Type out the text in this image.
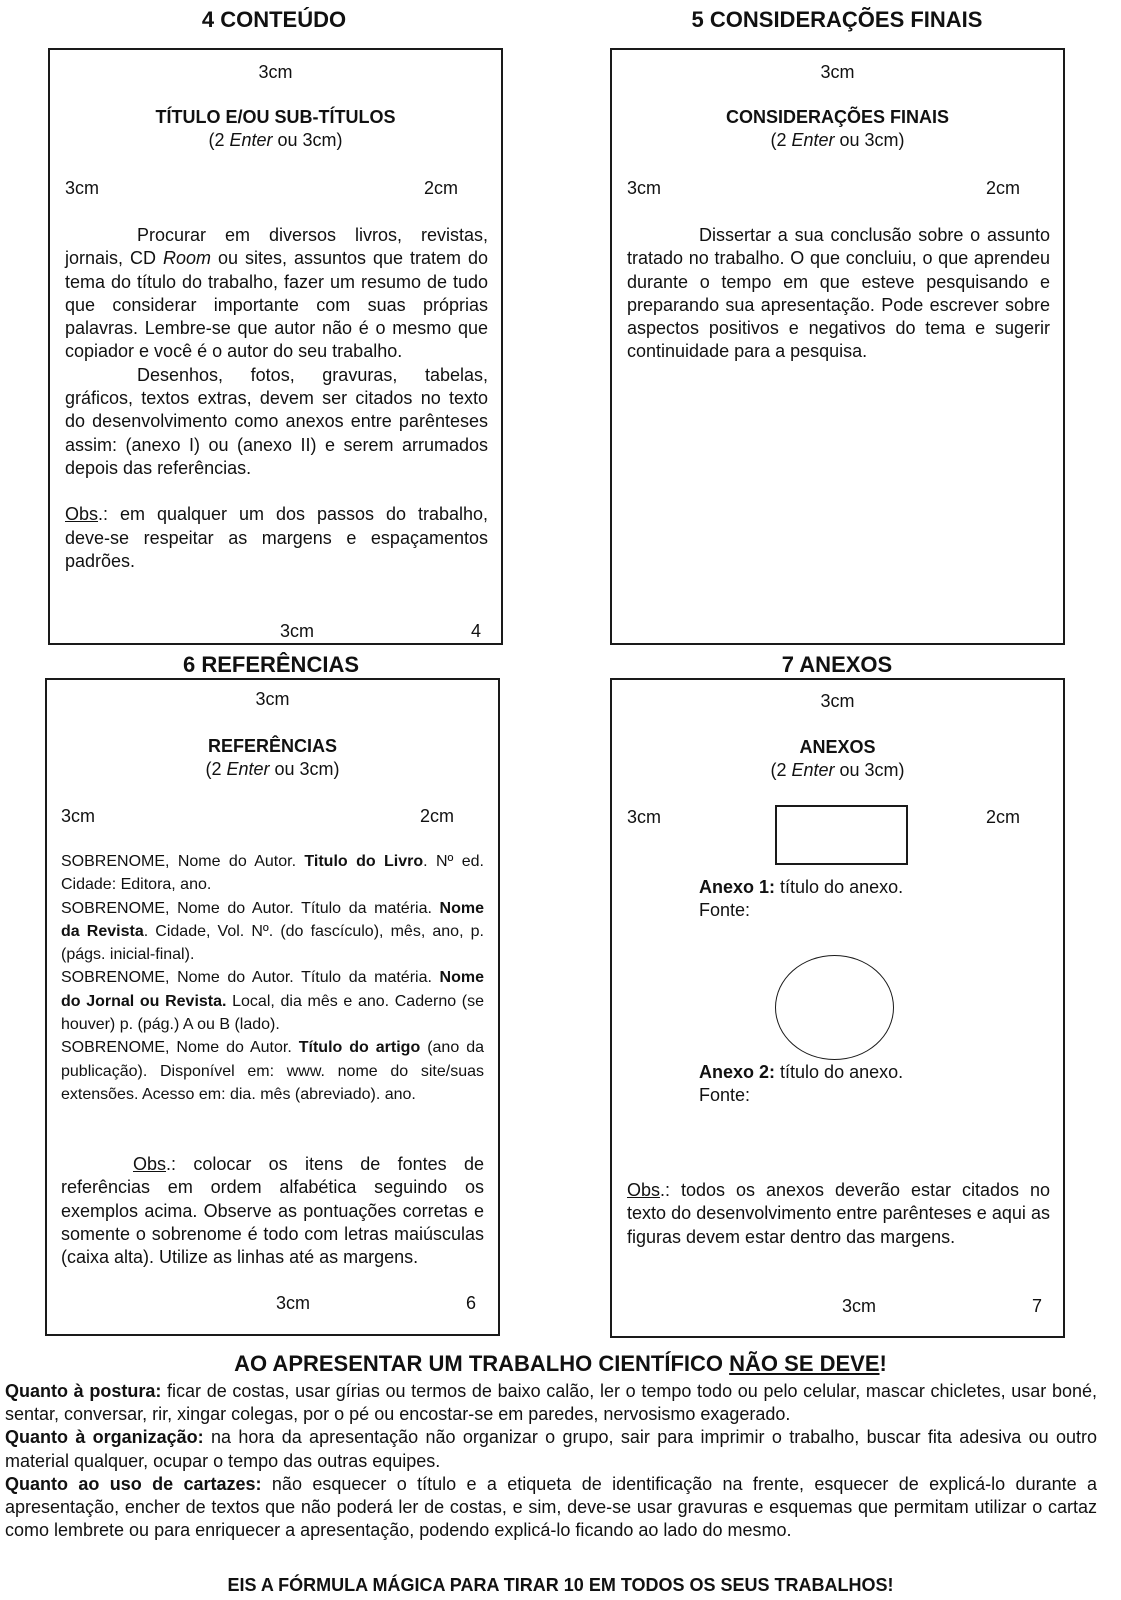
4 CONTEÚDO
3cm
TÍTULO E/OU SUB-TÍTULOS
(2 Enter ou 3cm)
3cm	2cm

Procurar em diversos livros, revistas, jornais, CD Room ou sites, assuntos que tratem do tema do título do trabalho, fazer um resumo de tudo que considerar importante com suas próprias palavras. Lembre-se que autor não é o mesmo que copiador e você é o autor do seu trabalho.

Desenhos, fotos, gravuras, tabelas, gráficos, textos extras, devem ser citados no texto do desenvolvimento como anexos entre parênteses assim: (anexo I) ou (anexo II) e serem arrumados depois das referências.

Obs.: em qualquer um dos passos do trabalho, deve-se respeitar as margens e espaçamentos padrões.

3cm	4
5 CONSIDERAÇÕES FINAIS
3cm
CONSIDERAÇÕES FINAIS
(2 Enter ou 3cm)
3cm	2cm

Dissertar a sua conclusão sobre o assunto tratado no trabalho. O que concluiu, o que aprendeu durante o tempo em que esteve pesquisando e preparando sua apresentação. Pode escrever sobre aspectos positivos e negativos do tema e sugerir continuidade para a pesquisa.

6 REFERÊNCIAS
3cm
REFERÊNCIAS
(2 Enter ou 3cm)
3cm	2cm

SOBRENOME, Nome do Autor. Titulo do Livro. Nº ed. Cidade: Editora, ano.

SOBRENOME, Nome do Autor. Título da matéria. Nome da Revista. Cidade, Vol. Nº. (do fascículo), mês, ano, p. (págs. inicial-final).

SOBRENOME, Nome do Autor. Título da matéria. Nome do Jornal ou Revista. Local, dia mês e ano. Caderno (se houver) p. (pág.) A ou B (lado).

SOBRENOME, Nome do Autor. Título do artigo (ano da publicação). Disponível em: www. nome do site/suas extensões. Acesso em: dia. mês (abreviado). ano.

Obs.: colocar os itens de fontes de referências em ordem alfabética seguindo os exemplos acima. Observe as pontuações corretas e somente o sobrenome é todo com letras maiúsculas (caixa alta). Utilize as linhas até as margens.

3cm	6
7 ANEXOS
3cm
ANEXOS
(2 Enter ou 3cm)
3cm	2cm
Anexo 1: título do anexo.
Fonte:
Anexo 2: título do anexo.
Fonte:

Obs.: todos os anexos deverão estar citados no texto do desenvolvimento entre parênteses e aqui as figuras devem estar dentro das margens.

3cm	7
AO APRESENTAR UM TRABALHO CIENTÍFICO NÃO SE DEVE!

Quanto à postura: ficar de costas, usar gírias ou termos de baixo calão, ler o tempo todo ou pelo celular, mascar chicletes, usar boné, sentar, conversar, rir, xingar colegas, por o pé ou encostar-se em paredes, nervosismo exagerado.

Quanto à organização: na hora da apresentação não organizar o grupo, sair para imprimir o trabalho, buscar fita adesiva ou outro material qualquer, ocupar o tempo das outras equipes.

Quanto ao uso de cartazes: não esquecer o título e a etiqueta de identificação na frente, esquecer de explicá-lo durante a apresentação, encher de textos que não poderá ler de costas, e sim, deve-se usar gravuras e esquemas que permitam utilizar o cartaz como lembrete ou para enriquecer a apresentação, podendo explicá-lo ficando ao lado do mesmo.

EIS A FÓRMULA MÁGICA PARA TIRAR 10 EM TODOS OS SEUS TRABALHOS!
